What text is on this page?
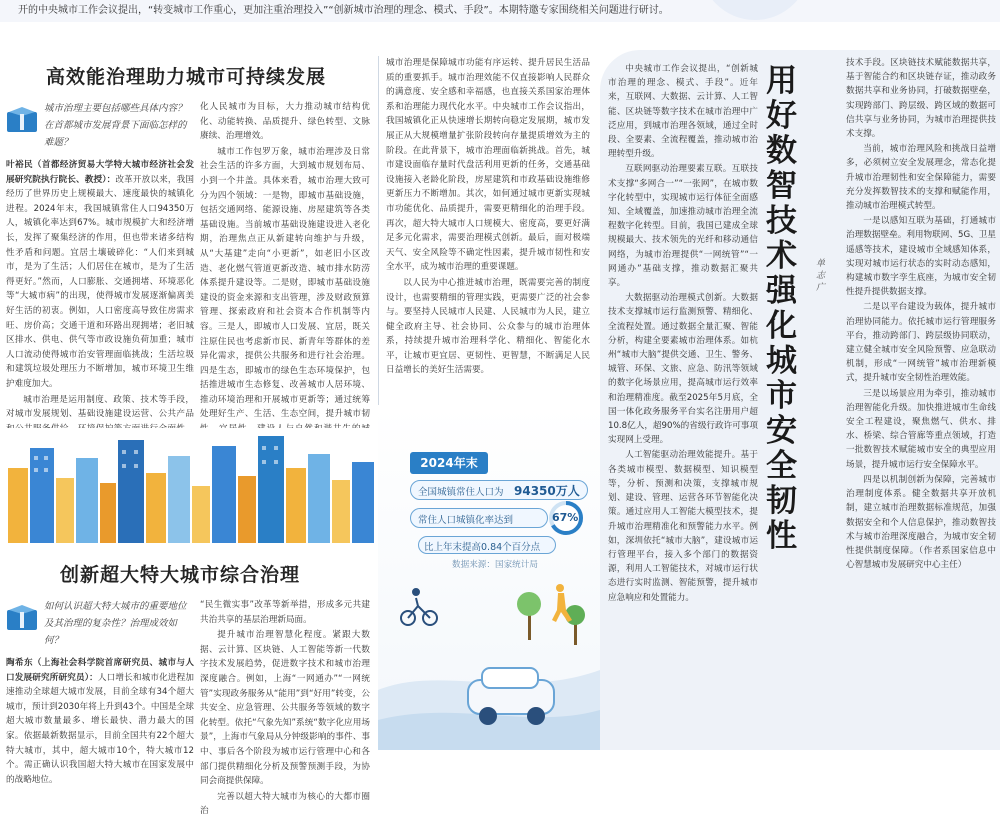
开的中央城市工作会议提出，“转变城市工作重心，更加注重治理投入”“创新城市治理的理念、模式、手段”。本期特邀专家围绕相关问题进行研讨。
高效能治理助力城市可持续发展
城市治理主要包括哪些具体内容？在首都城市发展背景下面临怎样的难题？

叶裕民（首都经济贸易大学特大城市经济社会发展研究院执行院长、教授）：改革开放以来，我国经历了世界历史上规模最大、速度最快的城镇化进程。2024年末，我国城镇常住人口94350万人，城镇化率达到67%。城市规模扩大和经济增长，发挥了聚集经济的作用，但也带来诸多结构性矛盾和问题。宜居土壤破碎化：“人们来到城市，是为了生活；人们居住在城市，是为了生活得更好。”然而，人口膨胀、交通拥堵、环境恶化等“大城市病”的出现，使得城市发展逐渐偏离美好生活的初衷。例如，人口密度高导致住房需求旺、房价高；交通干道和环路出现拥堵；老旧城区排水、供电、供气等市政设施负荷加重；城市人口流动使得城市治安管理面临挑战；生活垃圾和建筑垃圾处理压力不断增加，城市环境卫生维护难度加大。

城市治理是运用制度、政策、技术等手段，对城市发展规划、基础设施建设运营、公共产品

化人民城市为目标，大力推动城市结构优化、动能转换、品质提升、绿色转型、文脉赓续、治理增效。

城市工作包罗万象，城市治理涉及日常社会生活的许多方面，大到城市规划布局、小到一个井盖。具体来看，城市治理大致可分为四个领域：一是物，即城市基础设施，包括交通网络、能源设施、房屋建筑等各类基础设施。当前城市基础设施建设进入老化期，治理焦点正从新建转向维护与升级，从“大基建”走向“小更新”，如老旧小区改造、老化燃气管道更新改造、城市排水防涝体系提升建设等。二是财，即城市基础设施建设的资金来源和支出管理，涉及财政预算管理、探索政府和社会资本合作机制等内容。三是人，即城市人口发展、宜居，既关注原住民也考虑新市民、新青年等群体的差异化需求，提供公共服务和进行社会治理。四是生态，即城市的绿色生态环境保护，包括推进城市生态修复、改善城市人居环境、推动环境治理和开展城市更新等；通过统筹处理好生产、生活、生态空间，提升城市韧

城市治理是保障城市功能有序运转、提升居民生活品质的重要抓手。城市治理效能不仅直接影响人民群众的满意度、安全感和幸福感，也直接关系国家治理体系和治理能力现代化水平。中央城市工作会议指出，我国城镇化正从快速增长期转向稳定发展期，城市发展正从大规模增量扩张阶段转向存量提质增效为主的阶段。在此背景下，城市治理面临新挑战。首先，城市建设面临存量时代盘活利用更新的任务，交通基础设施接入老龄化阶段，房屋建筑和市政基础设施维修更新压力不断增加。其次，如何通过城市更新实现城市功能优化、品质提升，需要更精细化的治理手段。再次，超大特大城市人口规模大、密度高，要更好满足多元化需求，需要治理模式创新。最后，面对极端天气、安全风险等不确定性因素，提升城市韧性和安全水平，成为城市治理的重要课题。

以人民为中心推进城市治理，既需要完善的制度设计，也需要精细的管理实践，更需要广泛的社会参与。要坚持人民城市人民建、人民城市为人民，建立健全政府主导、社会协同、公众参与的城市治理体系，持续提升城市治理科学化、精细化、智能化水平，让城市更宜居、更韧性、更智慧，不断满足人民日益增长的美好生活需要。

创新超大特大城市综合治理
如何认识超大特大城市的重要地位及其治理的复杂性？治理成效如何？

陶希东（上海社会科学院首席研究员、城市与人口发展研究所研究员）：人口增长和城市化进程加速推动全球超大城市发展，目前全球有34个超大城市，预计到2030年将上升到43个。中国是全球超大城市数量最多、增长最快、潜力最大的国家。依据最新数据显示，目前全国共有22个超大特大城市，其中，超大城市10个，特大城市12个。需正确认识我国超大特大城市在国家发展中的战略地位。

“民生微实事”改革等新举措，形成多元共建共治共享的基层治理新局面。

提升城市治理智慧化程度。紧跟大数据、云计算、区块链、人工智能等新一代数字技术发展趋势，促进数字技术和城市治理深度融合。例如，上海“一网通办”“一网统管”实现政务服务从“能用”到“好用”转变，公共安全、应急管理、公共服务等领域的数字化转型。依托“气象先知”系统“数字化应用场景”，上海市气象局从分钟级影响的事件、事中、事后各个阶段为城市运行管理中心和各部门提供精细化分析及预警预测手段，为协同会商提供保障。

完善以超大特大城市为核心的大都市圈治

2024年末
全国城镇常住人口为 94350万人
常住人口城镇化率达到	67%
比上年末提高0.84个百分点
数据来源：国家统计局

中央城市工作会议提出，“创新城市治理的理念、模式、手段”。近年来，互联网、大数据、云计算、人工智能、区块链等数字技术在城市治理中广泛应用，到城市治理各领域，通过全时段、全要素、全流程覆盖，推动城市治理转型升级。

互联网驱动治理要素互联。互联技术支撑“多网合一”“一张网”，在城市数字化转型中，实现城市运行体征全面感知、全域覆盖，加速推动城市治理全流程数字化转型。目前，我国已建成全球规模最大、技术领先的光纤和移动通信网络，为城市治理提供“一网统管”“一网通办”基础支撑，推动数据汇聚共享。

大数据驱动治理模式创新。大数据技术支撑城市运行监测预警、精细化、全流程处置。通过数据全量汇聚、智能分析，构建全要素城市治理体系。如杭州“城市大脑”提供交通、卫生、警务、城管、环保、文旅、应急、防汛等领域的数字化场景应用，提高城市运行效率和治理精准度。截至2025年5月底，全国一体化政务服务平台实名注册用户超10.8亿人，超90%的省级行政许可事项实现网上受理。

人工智能驱动治理效能提升。基于各类城市模型、数据模型、知识模型等，分析、预测和决策，支撑城市规划、建设、管理、运营各环节智能化决策。通过应用人工智能大模型技术，提升城市治理精准化和预警能力水平。例如，深圳依托“城市大脑”，建设城市运行管理平台，接入多个部门的数据资源，利用人工智能技术，对城市运行状态进行实时监测、智能预警，提升城市应急响应和处置能力。

用好数智技术强化城市安全韧性
单志广

技术手段。区块链技术赋能数据共享，基于智能合约和区块链存证，推动政务数据共享和业务协同，打破数据壁垒，实现跨部门、跨层级、跨区域的数据可信共享与业务协同，为城市治理提供技术支撑。

当前，城市治理风险和挑战日益增多，必须树立安全发展理念，常态化提升城市治理韧性和安全保障能力，需要充分发挥数智技术的支撑和赋能作用，推动城市治理模式转型。

一是以感知互联为基础，打通城市治理数据壁垒。利用物联网、5G、卫星遥感等技术，建设城市全域感知体系，实现对城市运行状态的实时动态感知，构建城市数字孪生底座，为城市安全韧性提升提供数据支撑。

二是以平台建设为载体，提升城市治理协同能力。依托城市运行管理服务平台，推动跨部门、跨层级协同联动，建立健全城市安全风险预警、应急联动机制，形成“一网统管”城市治理新模式，提升城市安全韧性治理效能。

三是以场景应用为牵引，推动城市治理智能化升级。加快推进城市生命线安全工程建设，聚焦燃气、供水、排水、桥梁、综合管廊等重点领域，打造一批数智技术赋能城市安全的典型应用场景，提升城市运行安全保障水平。

四是以机制创新为保障，完善城市治理制度体系。健全数据共享开放机制，建立城市治理数据标准规范，加强数据安全和个人信息保护，推动数智技术与城市治理深度融合，为城市安全韧性提供制度保障。（作者系国家信息中心智慧城市发展研究中心主任）
